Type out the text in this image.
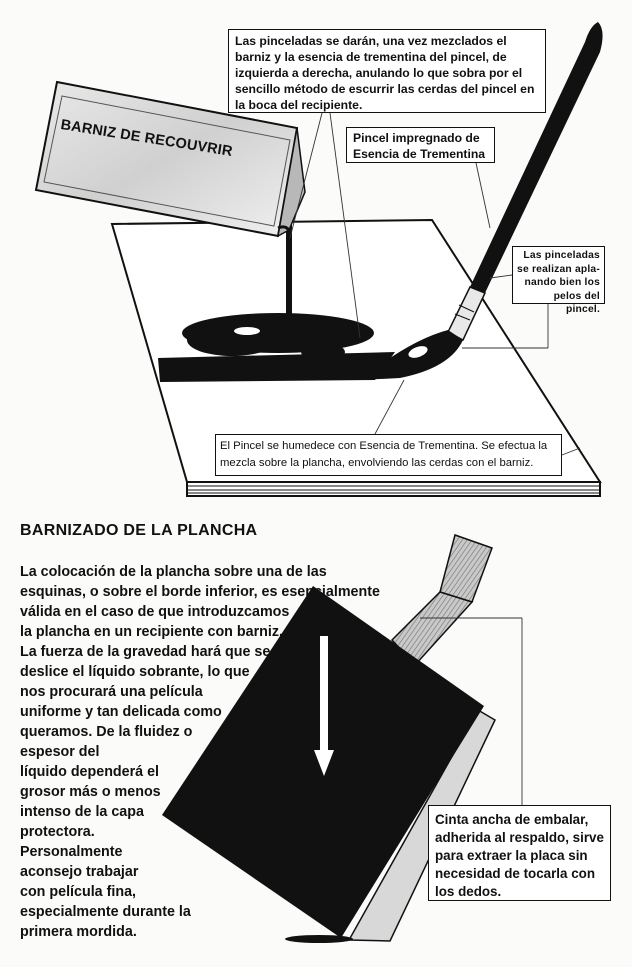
BARNIZ DE RECOUVRIR
Las pinceladas se darán, una vez mezclados el barniz y la esencia de trementina del pincel, de izquierda a derecha, anulando lo que sobra por el sencillo método de escurrir las cerdas del pincel en la boca del recipiente.
Pincel impregnado de Esencia de Trementina
Las pinceladas se realizan apla- nando bien los pelos del pincel.
El Pincel se humedece con Esencia de Trementina. Se efectua la mezcla sobre la plancha, envolviendo las cerdas con el barniz.
Cinta ancha de embalar, adherida al respaldo, sirve para extraer la placa sin necesidad de tocarla con los dedos.
BARNIZADO DE LA PLANCHA
La colocación de la plancha sobre una de las
esquinas, o sobre el borde inferior, es esencialmente
válida en el caso de que introduzcamos
la plancha en un recipiente con barniz.
La fuerza de la gravedad hará que se
deslice el líquido sobrante, lo que
nos procurará una película
uniforme y tan delicada como
queramos. De la fluidez o
espesor del
líquido dependerá el
grosor más o menos
intenso de la capa
protectora.
Personalmente
aconsejo trabajar
con película fina,
especialmente durante la
primera mordida.
